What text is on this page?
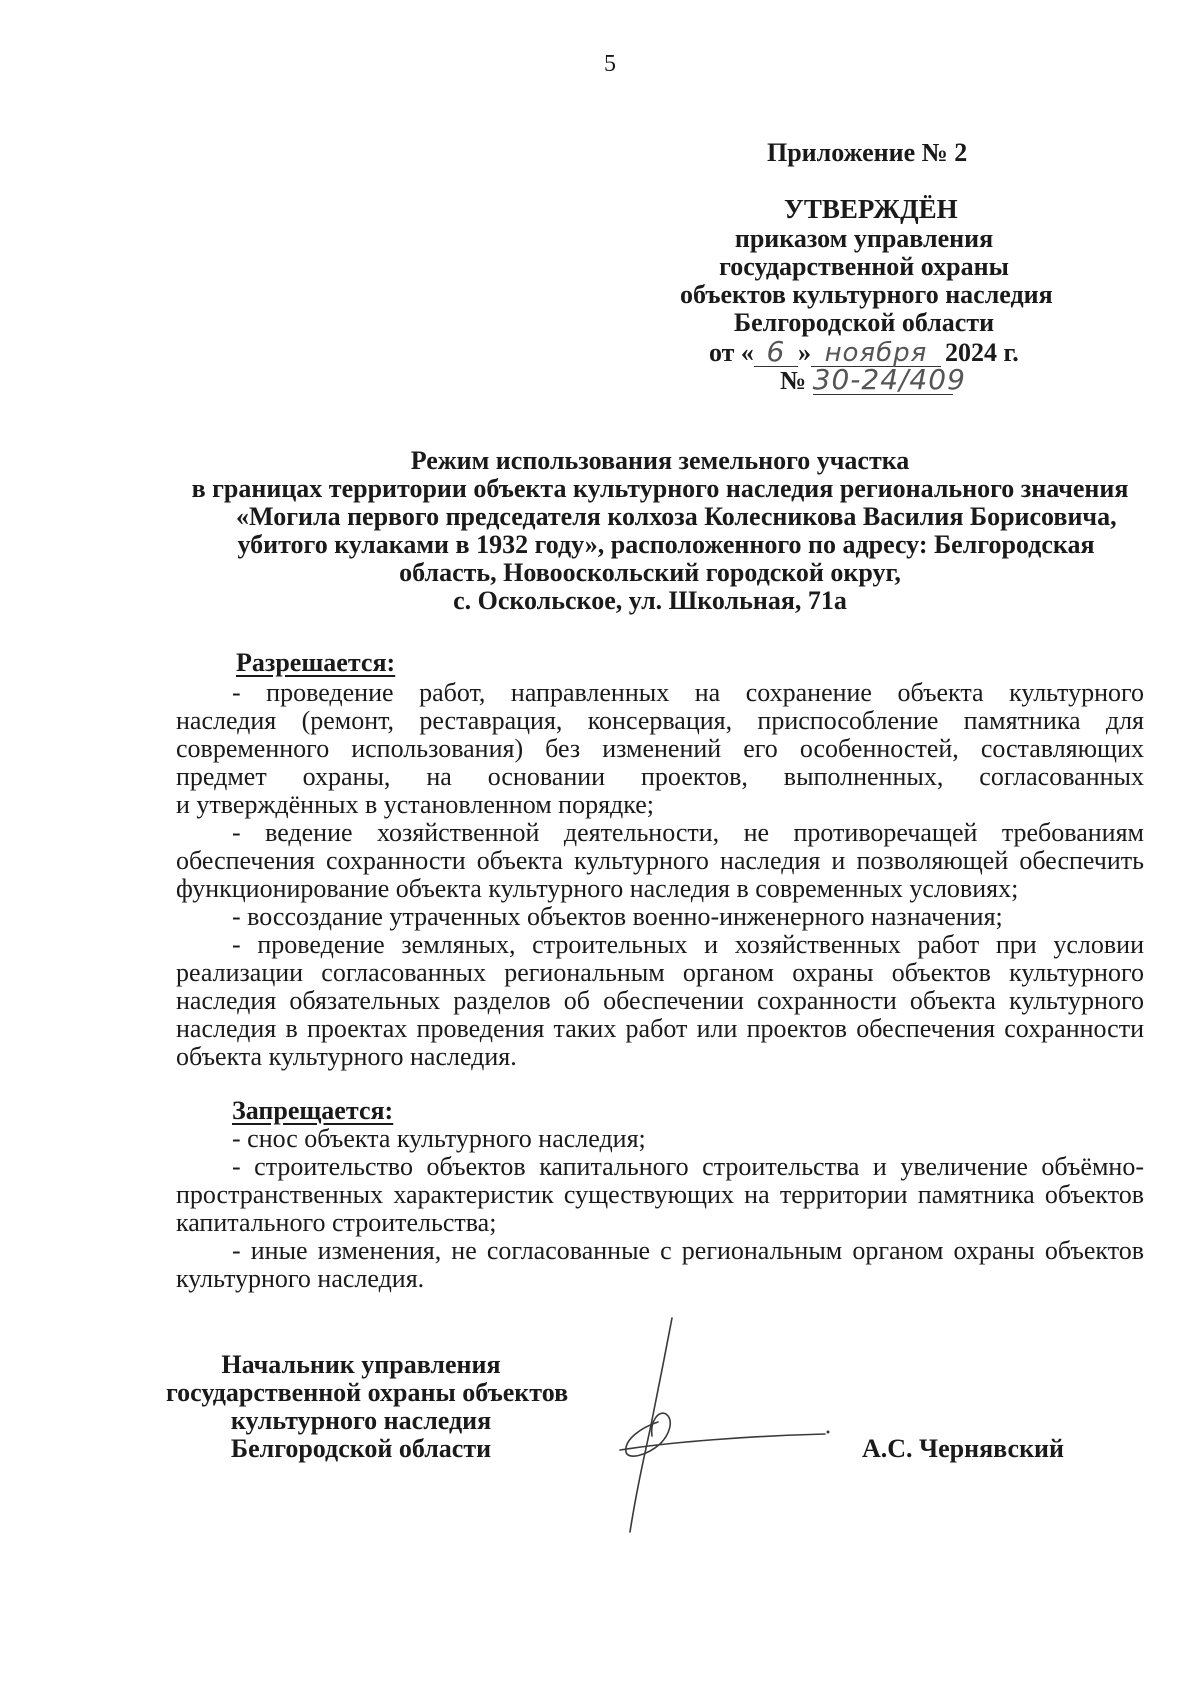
5
Приложение № 2
УТВЕРЖДЁН
приказом управления
государственной охраны
объектов культурного наследия
Белгородской области
от « 6 » ноября 2024 г.
№ 30-24/409
Режим использования земельного участка
в границах территории объекта культурного наследия регионального значения
«Могила первого председателя колхоза Колесникова Василия Борисовича,
убитого кулаками в 1932 году», расположенного по адресу: Белгородская
область, Новооскольский городской округ,
с. Оскольское, ул. Школьная, 71а
Разрешается:
- проведение работ, направленных на сохранение объекта культурного
наследия (ремонт, реставрация, консервация, приспособление памятника для
современного использования) без изменений его особенностей, составляющих
предмет охраны, на основании проектов, выполненных, согласованных
и утверждённых в установленном порядке;
- ведение хозяйственной деятельности, не противоречащей требованиям
обеспечения сохранности объекта культурного наследия и позволяющей обеспечить
функционирование объекта культурного наследия в современных условиях;
- воссоздание утраченных объектов военно-инженерного назначения;
- проведение земляных, строительных и хозяйственных работ при условии
реализации согласованных региональным органом охраны объектов культурного
наследия обязательных разделов об обеспечении сохранности объекта культурного
наследия в проектах проведения таких работ или проектов обеспечения сохранности
объекта культурного наследия.
Запрещается:
- снос объекта культурного наследия;
- строительство объектов капитального строительства и увеличение объёмно-
пространственных характеристик существующих на территории памятника объектов
капитального строительства;
- иные изменения, не согласованные с региональным органом охраны объектов
культурного наследия.
Начальник управления
государственной охраны объектов
культурного наследия
Белгородской области	А.С. Чернявский
